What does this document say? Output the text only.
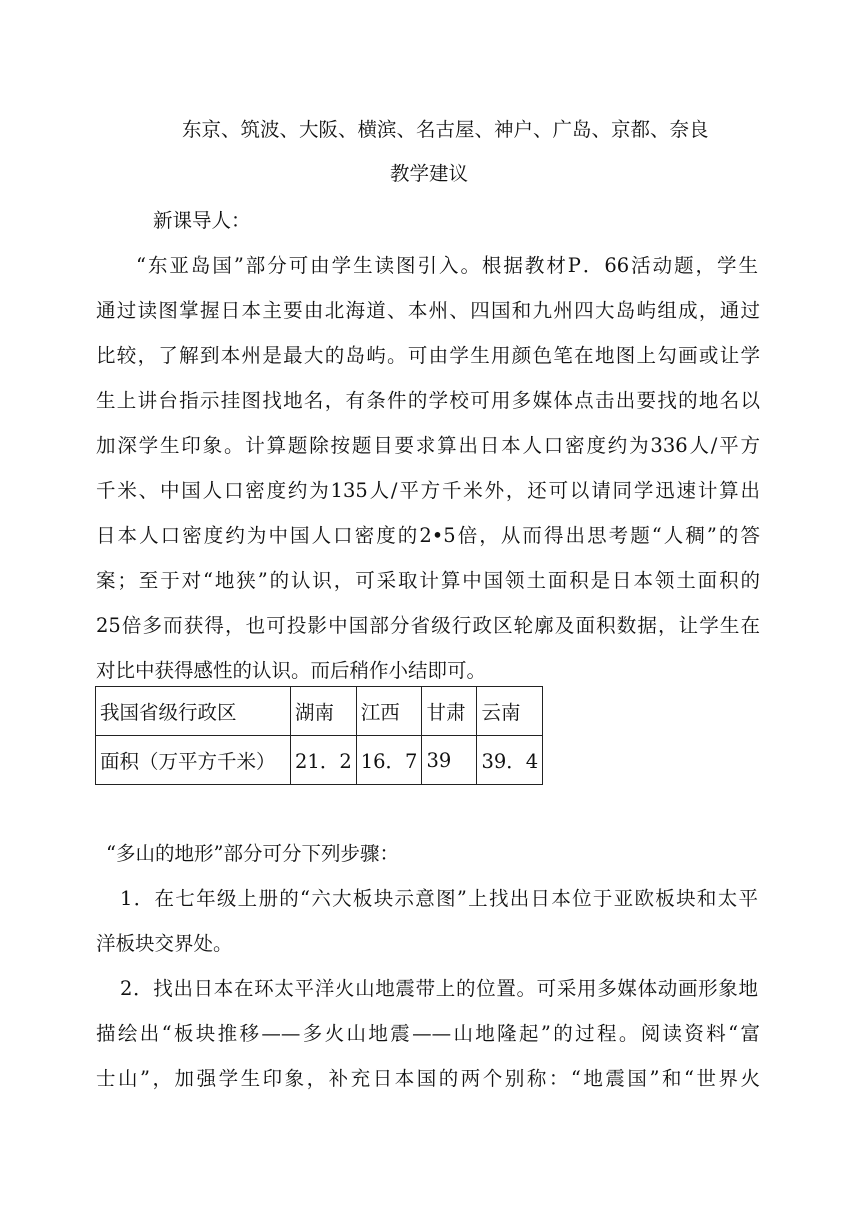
东京、筑波、大阪、横滨、名古屋、神户、广岛、京都、奈良
教学建议
新课导人：
“东亚岛国”部分可由学生读图引入。根据教材P．66活动题，学生
通过读图掌握日本主要由北海道、本州、四国和九州四大岛屿组成，通过
比较，了解到本州是最大的岛屿。可由学生用颜色笔在地图上勾画或让学
生上讲台指示挂图找地名，有条件的学校可用多媒体点击出要找的地名以
加深学生印象。计算题除按题目要求算出日本人口密度约为336人/平方
千米、中国人口密度约为135人/平方千米外，还可以请同学迅速计算出
日本人口密度约为中国人口密度的2•5倍，从而得出思考题“人稠”的答
案；至于对“地狭”的认识，可采取计算中国领土面积是日本领土面积的
25倍多而获得，也可投影中国部分省级行政区轮廓及面积数据，让学生在
对比中获得感性的认识。而后稍作小结即可。
我国省级行政区	湖南	江西	甘肃	云南
面积（万平方千米）	21．2	16．7	39	39．4
“多山的地形”部分可分下列步骤：
1．在七年级上册的“六大板块示意图”上找出日本位于亚欧板块和太平
洋板块交界处。
2．找出日本在环太平洋火山地震带上的位置。可采用多媒体动画形象地
描绘出“板块推移——多火山地震——山地隆起”的过程。阅读资料“富
士山”，加强学生印象，补充日本国的两个别称：“地震国”和“世界火
